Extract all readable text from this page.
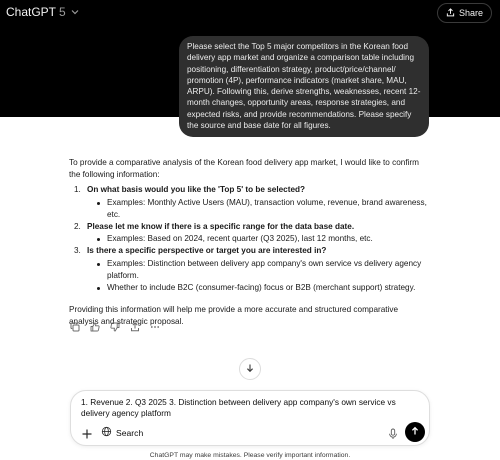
ChatGPT 5	Share
Please select the Top 5 major competitors in the Korean food delivery app market and organize a comparison table including positioning, differentiation strategy, product/price/channel/ promotion (4P), performance indicators (market share, MAU, ARPU). Following this, derive strengths, weaknesses, recent 12-month changes, opportunity areas, response strategies, and expected risks, and provide recommendations. Please specify the source and base date for all figures.

To provide a comparative analysis of the Korean food delivery app market, I would like to confirm the following information:

1. On what basis would you like the 'Top 5' to be selected?
Examples: Monthly Active Users (MAU), transaction volume, revenue, brand awareness, etc.
2. Please let me know if there is a specific range for the data base date.
Examples: Based on 2024, recent quarter (Q3 2025), last 12 months, etc.
3. Is there a specific perspective or target you are interested in?
Examples: Distinction between delivery app company's own service vs delivery agency platform.
Whether to include B2C (consumer-facing) focus or B2B (merchant support) strategy.

Providing this information will help me provide a more accurate and structured comparative analysis and strategic proposal.

1. Revenue 2. Q3 2025 3. Distinction between delivery app company's own service vs delivery agency platform
Search
ChatGPT may make mistakes. Please verify important information.
